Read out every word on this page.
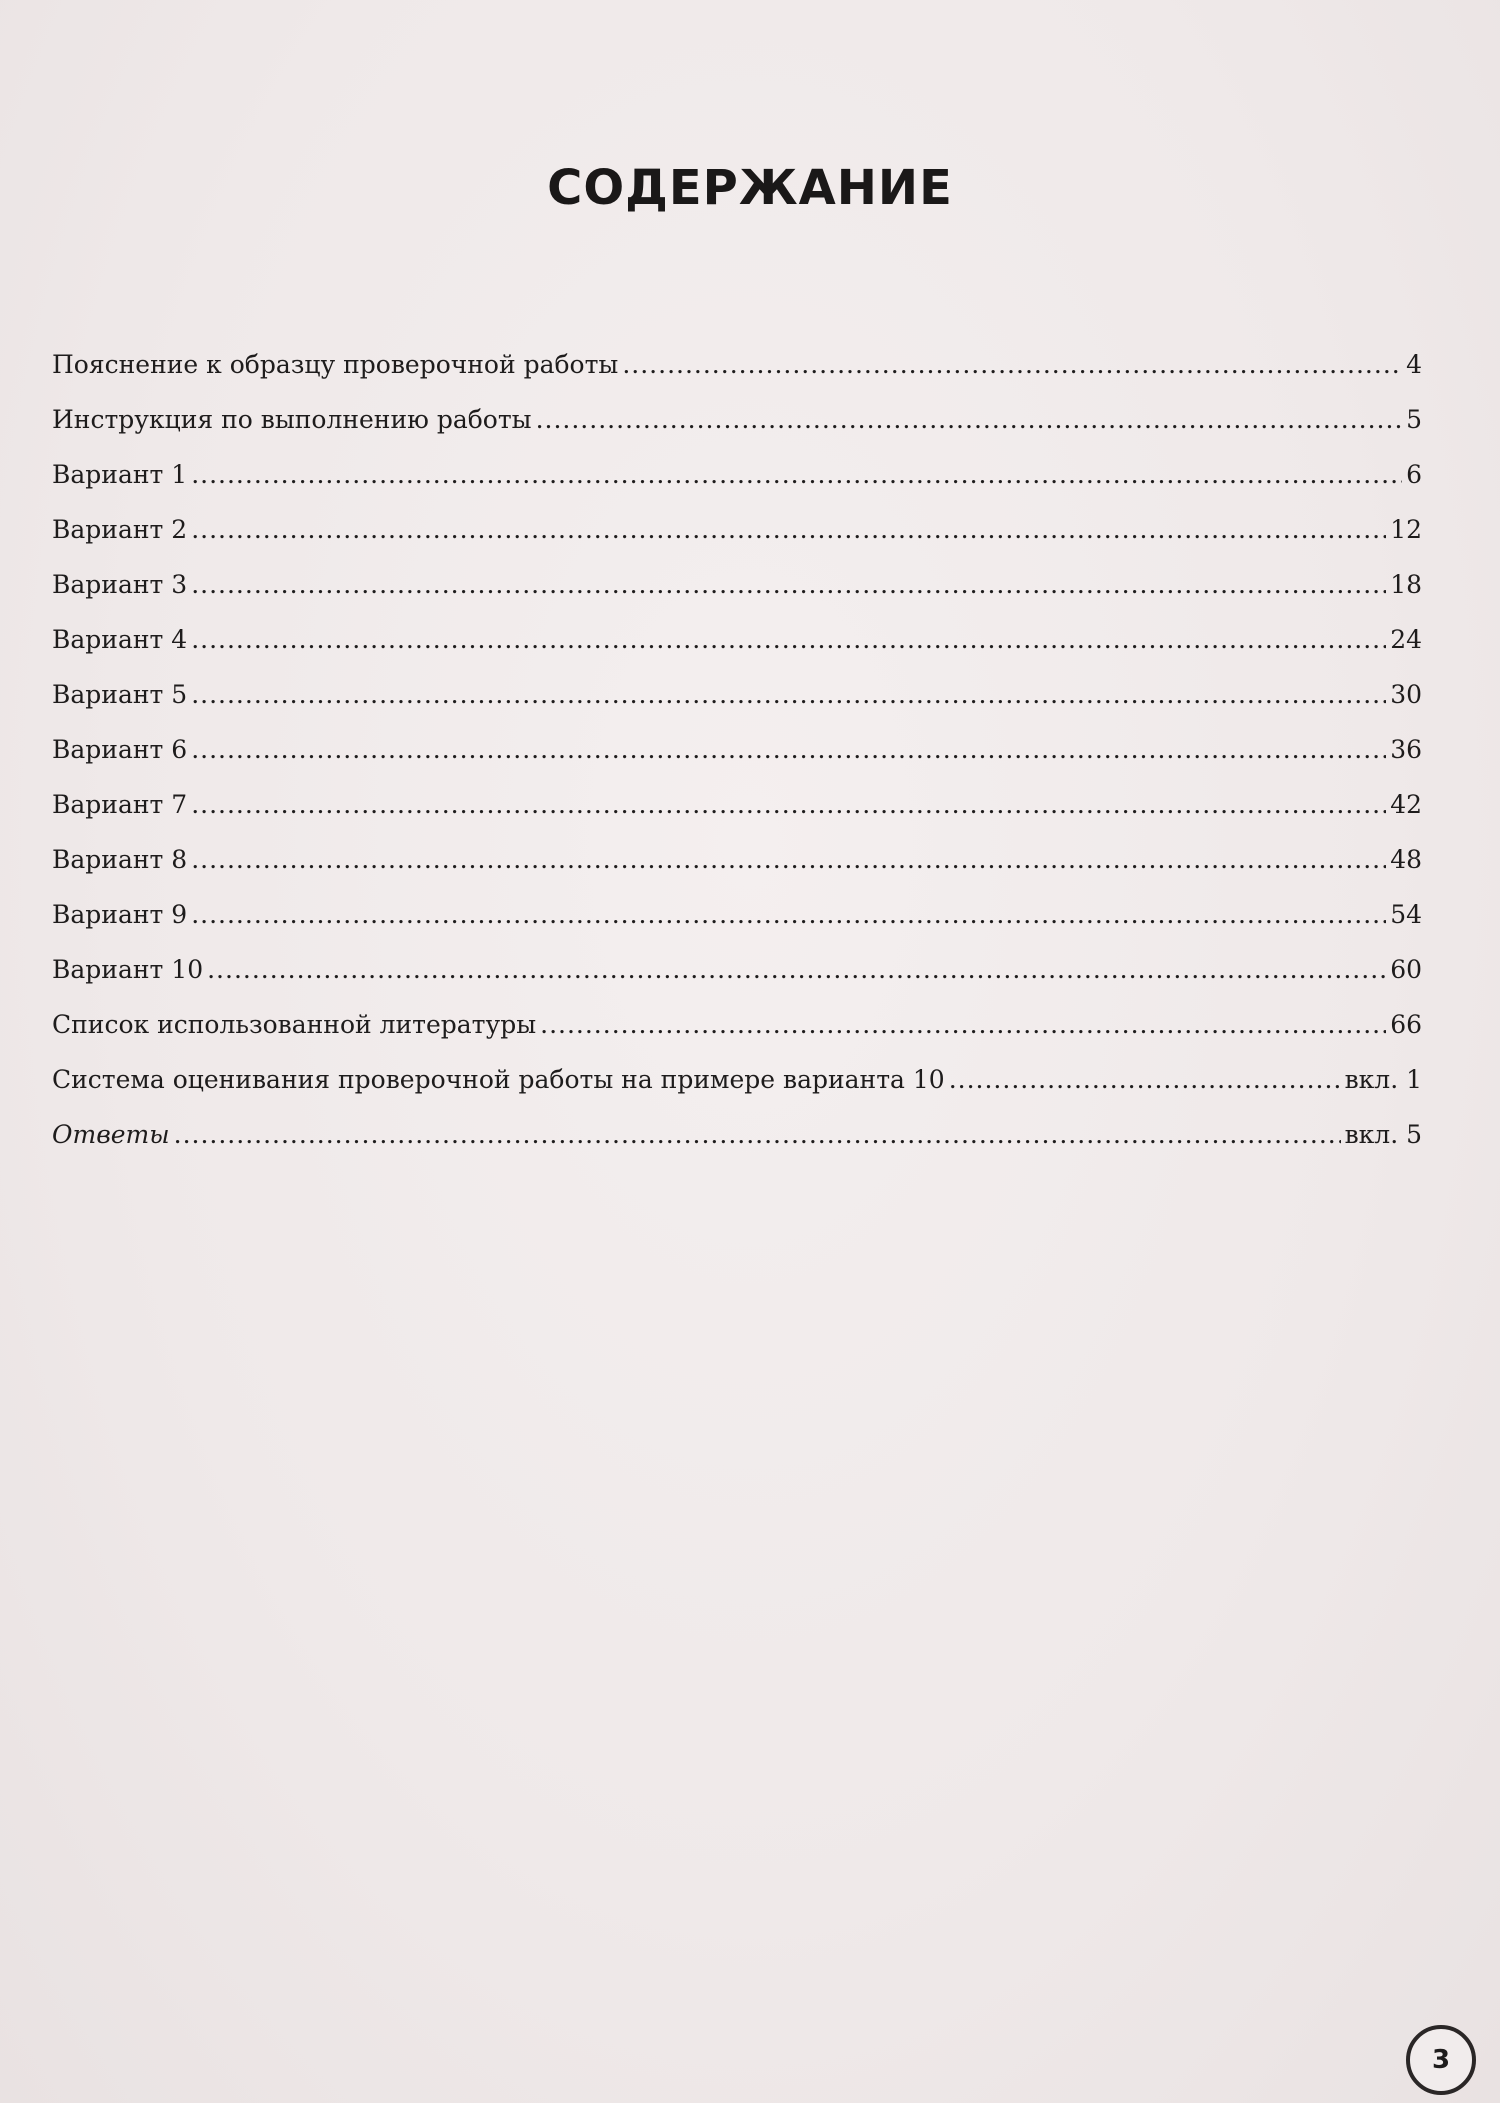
СОДЕРЖАНИЕ
Пояснение к образцу проверочной работы .....	4
Инструкция по выполнению работы .....	5
Вариант 1 .....	6
Вариант 2 .....	12
Вариант 3 .....	18
Вариант 4 .....	24
Вариант 5 .....	30
Вариант 6 .....	36
Вариант 7 .....	42
Вариант 8 .....	48
Вариант 9 .....	54
Вариант 10 .....	60
Список использованной литературы .....	66
Система оценивания проверочной работы на примере варианта 10 .....	вкл. 1
Ответы .....	вкл. 5
3
